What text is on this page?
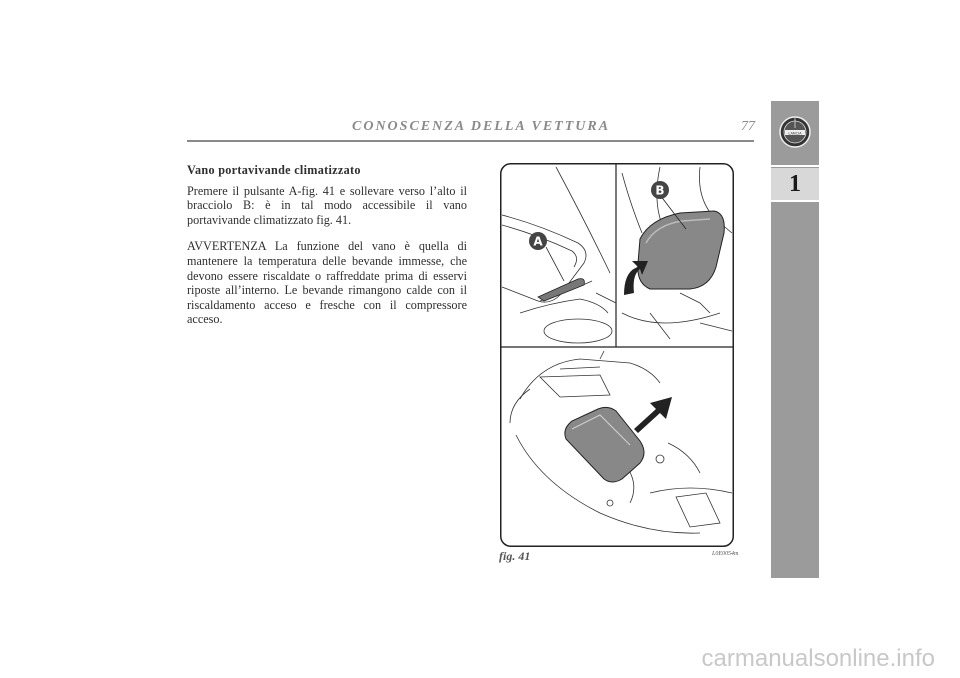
CONOSCENZA DELLA VETTURA	77	LANCIA
1
Vano portavivande climatizzato

Premere il pulsante A-fig. 41 e sollevare verso l’alto il bracciolo B: è in tal modo accessibile il vano portavivande climatizzato fig. 41.

AVVERTENZA La funzione del vano è quella di mantenere la temperatura delle bevande immesse, che devono essere riscaldate o raffreddate prima di esservi riposte all’interno. Le bevande rimangono calde con il riscaldamento acceso e fresche con il compressore acceso.

A
B
fig. 41	L0E0054m
carmanualsonline.info
